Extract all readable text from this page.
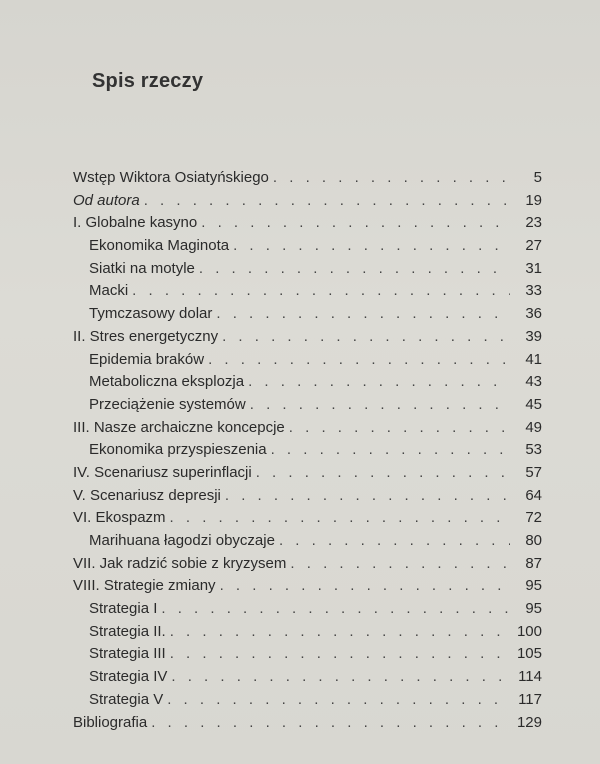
Spis rzeczy
Wstęp Wiktora Osiatyńskiego . . .	5
Od autora . . .	19
I. Globalne kasyno . . .	23
Ekonomika Maginota . . .	27
Siatki na motyle . . .	31
Macki . . .	33
Tymczasowy dolar . . .	36
II. Stres energetyczny . . .	39
Epidemia braków . . .	41
Metaboliczna eksplozja . . .	43
Przeciążenie systemów . . .	45
III. Nasze archaiczne koncepcje . . .	49
Ekonomika przyspieszenia . . .	53
IV. Scenariusz superinflacji . . .	57
V. Scenariusz depresji . . .	64
VI. Ekospazm . . .	72
Marihuana łagodzi obyczaje . . .	80
VII. Jak radzić sobie z kryzysem . . .	87
VIII. Strategie zmiany . . .	95
Strategia I . . .	95
Strategia II. . . .	100
Strategia III . . .	105
Strategia IV . . .	114
Strategia V . . .	117
Bibliografia . . .	129
